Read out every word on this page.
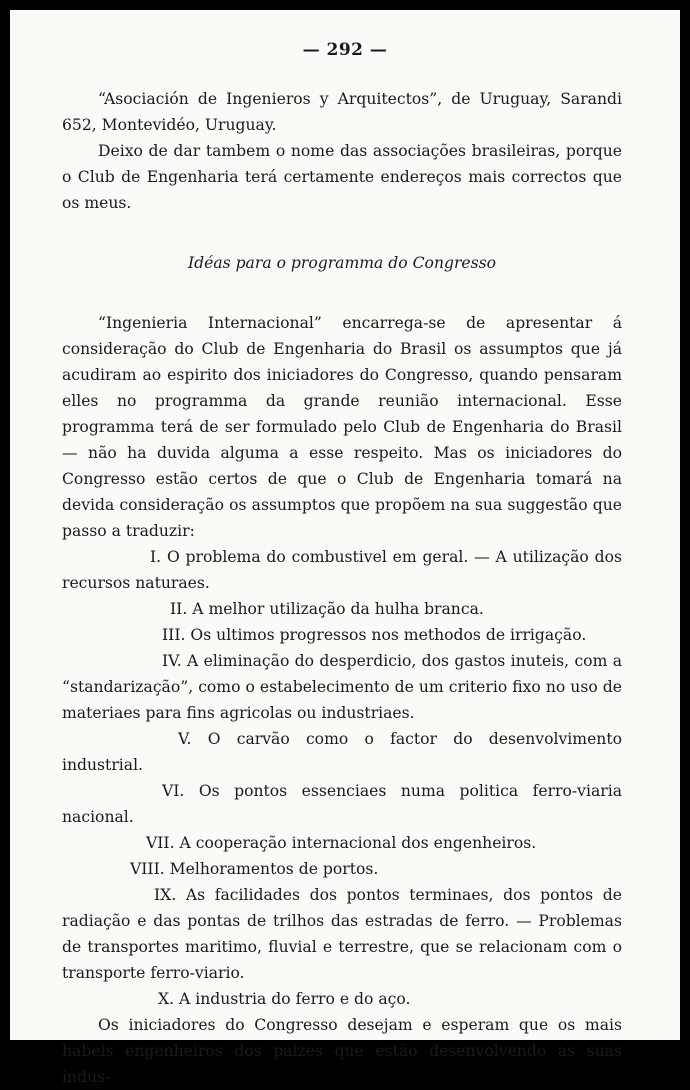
— 292 —

“Asociación de Ingenieros y Arquitectos”, de Uruguay, Sarandi 652, Montevidéo, Uruguay.

Deixo de dar tambem o nome das associações brasileiras, porque o Club de Engenharia terá certamente endereços mais correctos que os meus.

Idéas para o programma do Congresso

“Ingenieria Internacional” encarrega-se de apresentar á consideração do Club de Engenharia do Brasil os assumptos que já acudiram ao espirito dos iniciadores do Congresso, quando pensaram elles no programma da grande reunião internacional. Esse programma terá de ser formulado pelo Club de Engenharia do Brasil — não ha duvida alguma a esse respeito. Mas os iniciadores do Congresso estão certos de que o Club de Engenharia tomará na devida consideração os assumptos que propõem na sua suggestão que passo a traduzir:

I. O problema do combustivel em geral. — A utilização dos recursos naturaes.

II. A melhor utilização da hulha branca.

III. Os ultimos progressos nos methodos de irrigação.

IV. A eliminação do desperdicio, dos gastos inuteis, com a “standarização”, como o estabelecimento de um criterio fixo no uso de materiaes para fins agricolas ou industriaes.

V. O carvão como o factor do desenvolvimento industrial.

VI. Os pontos essenciaes numa politica ferro-viaria nacional.

VII. A cooperação internacional dos engenheiros.

VIII. Melhoramentos de portos.

IX. As facilidades dos pontos terminaes, dos pontos de radiação e das pontas de trilhos das estradas de ferro. — Problemas de transportes maritimo, fluvial e terrestre, que se relacionam com o transporte ferro-viario.

X. A industria do ferro e do aço.

Os iniciadores do Congresso desejam e esperam que os mais habeis engenheiros dos paizes que estão desenvolvendo as suas indus-
